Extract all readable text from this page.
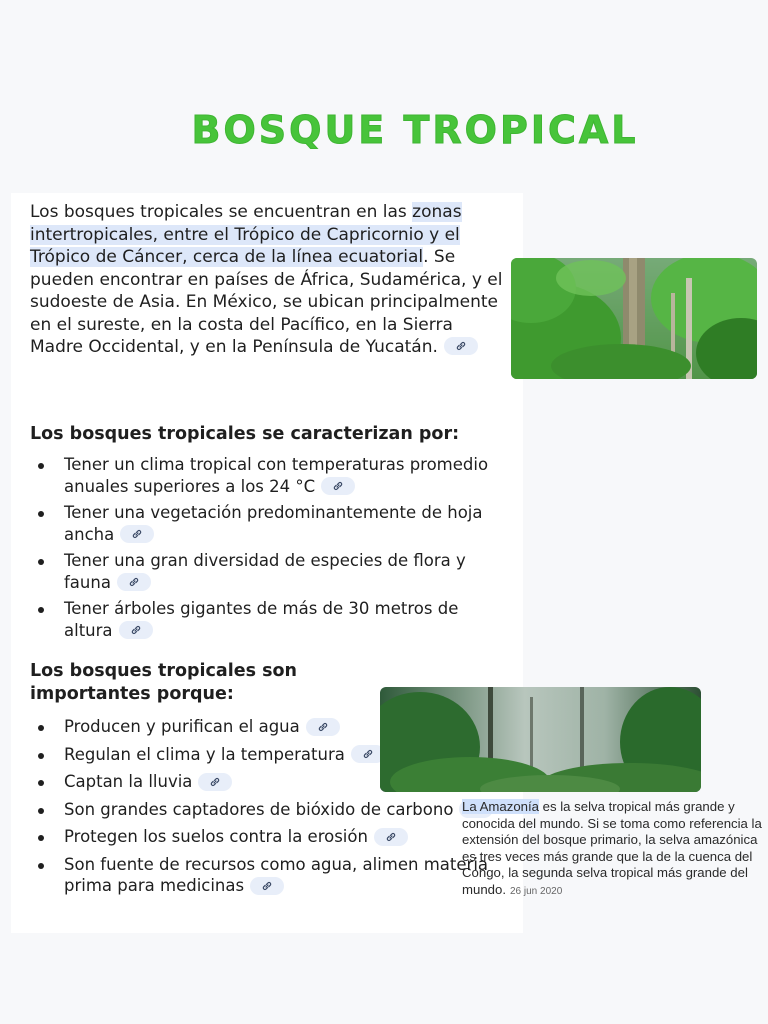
BOSQUE TROPICAL

Los bosques tropicales se encuentran en las zonas intertropicales, entre el Trópico de Capricornio y el Trópico de Cáncer, cerca de la línea ecuatorial. Se pueden encontrar en países de África, Sudamérica, y el sudoeste de Asia. En México, se ubican principalmente en el sureste, en la costa del Pacífico, en la Sierra Madre Occidental, y en la Península de Yucatán.

Los bosques tropicales se caracterizan por:
Tener un clima tropical con temperaturas promedio anuales superiores a los 24 °C
Tener una vegetación predominantemente de hoja ancha
Tener una gran diversidad de especies de flora y fauna
Tener árboles gigantes de más de 30 metros de altura
Los bosques tropicales son importantes porque:
Producen y purifican el agua
Regulan el clima y la temperatura
Captan la lluvia
Son grandes captadores de bióxido de carbono
Protegen los suelos contra la erosión
Son fuente de recursos como agua, alimen materia prima para medicinas

La Amazonía es la selva tropical más grande y conocida del mundo. Si se toma como referencia la extensión del bosque primario, la selva amazónica es tres veces más grande que la de la cuenca del Congo, la segunda selva tropical más grande del mundo. 26 jun 2020
